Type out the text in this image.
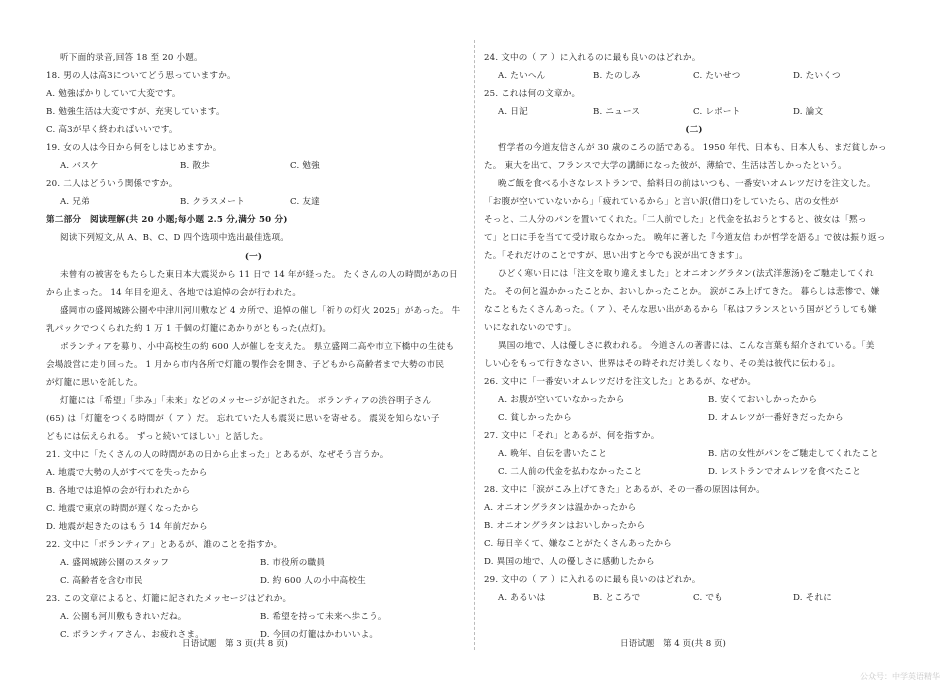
日语试题　第 3 页(共 8 页)	日语试题　第 4 页(共 8 页)
公众号：中学英语精华
听下面的录音,回答 18 至 20 小题。
18. 男の人は高3についてどう思っていますか。
A. 勉強ばかりしていて大変です。
B. 勉強生活は大変ですが、充実しています。
C. 高3が早く終わればいいです。
19. 女の人は今日から何をしはじめますか。
A. バスケ	B. 散歩	C. 勉強
20. 二人はどういう関係ですか。
A. 兄弟	B. クラスメート	C. 友達
第二部分　阅读理解(共 20 小题;每小题 2.5 分,满分 50 分)
阅读下列短文,从 A、B、C、D 四个选项中选出最佳选项。
(一)
未曾有の被害をもたらした東日本大震災から 11 日で 14 年が経った。 たくさんの人の時間があの日
から止まった。 14 年目を迎え、各地では追悼の会が行われた。
盛岡市の盛岡城跡公園や中津川河川敷など 4 カ所で、追悼の催し「祈りの灯火 2025」があった。 牛
乳パックでつくられた約 1 万 1 千個の灯籠にあかりがともった(点灯)。
ボランティアを募り、小中高校生の約 600 人が催しを支えた。 県立盛岡二高や市立下橋中の生徒も
会場設営に走り回った。 1 月から市内各所で灯籠の製作会を開き、子どもから高齢者まで大勢の市民
が灯籠に思いを託した。
灯籠には「希望」「歩み」「未来」などのメッセージが記された。 ボランティアの渋谷明子さん
(65) は「灯籠をつくる時間が（ ア ）だ。 忘れていた人も震災に思いを寄せる。 震災を知らない子
どもには伝えられる。 ずっと続いてほしい」と話した。
21. 文中に「たくさんの人の時間があの日から止まった」とあるが、なぜそう言うか。
A. 地震で大勢の人がすべてを失ったから
B. 各地では追悼の会が行われたから
C. 地震で東京の時間が遅くなったから
D. 地震が起きたのはもう 14 年前だから
22. 文中に「ボランティア」とあるが、誰のことを指すか。
A. 盛岡城跡公園のスタッフ	B. 市役所の職員
C. 高齢者を含む市民	D. 約 600 人の小中高校生
23. この文章によると、灯籠に記されたメッセージはどれか。
A. 公園も河川敷もきれいだね。	B. 希望を持って未来へ歩こう。
C. ボランティアさん、お疲れさま。	D. 今回の灯籠はかわいいよ。
24. 文中の（ ア ）に入れるのに最も良いのはどれか。
A. たいへん	B. たのしみ	C. たいせつ	D. たいくつ
25. これは何の文章か。
A. 日記	B. ニュース	C. レポート	D. 論文
(二)
哲学者の今道友信さんが 30 歳のころの話である。 1950 年代、日本も、日本人も、まだ貧しかっ
た。 東大を出て、フランスで大学の講師になった彼が、薄給で、生活は苦しかったという。
晩ご飯を食べる小さなレストランで、給料日の前はいつも、一番安いオムレツだけを注文した。
「お腹が空いていないから」「疲れているから」と言い訳(借口)をしていたら、店の女性が
そっと、二人分のパンを置いてくれた。「二人前でした」と代金を払おうとすると、彼女は「黙っ
て」と口に手を当てて受け取らなかった。 晩年に著した『今道友信 わが哲学を語る』で彼は振り返っ
た。「それだけのことですが、思い出すと今でも涙が出てきます」。
ひどく寒い日には「注文を取り違えました」とオニオングラタン(法式洋葱汤)をご馳走してくれ
た。 その何と温かかったことか、おいしかったことか。 涙がこみ上げてきた。 暮らしは悲惨で、嫌
なこともたくさんあった。（ ア ）、そんな思い出があるから「私はフランスという国がどうしても嫌
いになれないのです」。
異国の地で、人は優しさに救われる。 今道さんの著書には、こんな言葉も紹介されている。「美
しい心をもって行きなさい、世界はその時それだけ美しくなり、その美は彼代に伝わる」。
26. 文中に「一番安いオムレツだけを注文した」とあるが、なぜか。
A. お腹が空いていなかったから	B. 安くておいしかったから
C. 貧しかったから	D. オムレツが一番好きだったから
27. 文中に「それ」とあるが、何を指すか。
A. 晩年、自伝を書いたこと	B. 店の女性がパンをご馳走してくれたこと
C. 二人前の代金を払わなかったこと	D. レストランでオムレツを食べたこと
28. 文中に「涙がこみ上げてきた」とあるが、その一番の原因は何か。
A. オニオングラタンは温かかったから
B. オニオングラタンはおいしかったから
C. 毎日辛くて、嫌なことがたくさんあったから
D. 異国の地で、人の優しさに感動したから
29. 文中の（ ア ）に入れるのに最も良いのはどれか。
A. あるいは	B. ところで	C. でも	D. それに
